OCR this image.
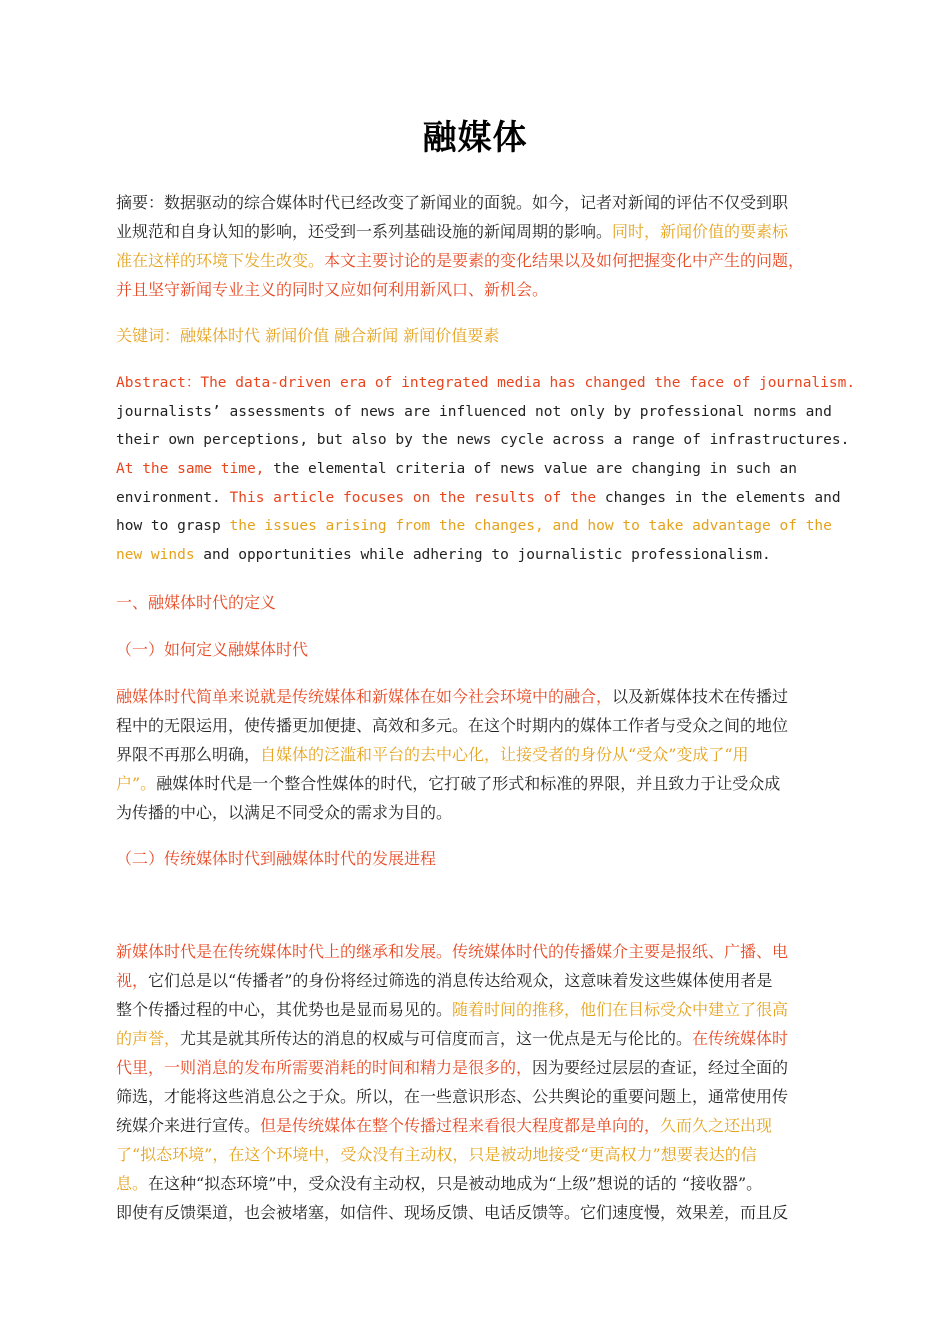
融媒体
摘要：数据驱动的综合媒体时代已经改变了新闻业的面貌。如今，记者对新闻的评估不仅受到职
业规范和自身认知的影响，还受到一系列基础设施的新闻周期的影响。同时，新闻价值的要素标
准在这样的环境下发生改变。本文主要讨论的是要素的变化结果以及如何把握变化中产生的问题，
并且坚守新闻专业主义的同时又应如何利用新风口、新机会。
关键词：融媒体时代 新闻价值 融合新闻 新闻价值要素
Abstract：The data-driven era of integrated media has changed the face of journalism.
journalists’ assessments of news are influenced not only by professional norms and
their own perceptions, but also by the news cycle across a range of infrastructures.
At the same time, the elemental criteria of news value are changing in such an
environment. This article focuses on the results of the changes in the elements and
how to grasp the issues arising from the changes, and how to take advantage of the
new winds and opportunities while adhering to journalistic professionalism.
一、融媒体时代的定义
（一）如何定义融媒体时代
融媒体时代简单来说就是传统媒体和新媒体在如今社会环境中的融合，以及新媒体技术在传播过
程中的无限运用，使传播更加便捷、高效和多元。在这个时期内的媒体工作者与受众之间的地位
界限不再那么明确，自媒体的泛滥和平台的去中心化，让接受者的身份从“受众”变成了“用
户”。融媒体时代是一个整合性媒体的时代，它打破了形式和标准的界限，并且致力于让受众成
为传播的中心，以满足不同受众的需求为目的。
（二）传统媒体时代到融媒体时代的发展进程
新媒体时代是在传统媒体时代上的继承和发展。传统媒体时代的传播媒介主要是报纸、广播、电
视，它们总是以“传播者”的身份将经过筛选的消息传达给观众，这意味着发这些媒体使用者是
整个传播过程的中心，其优势也是显而易见的。随着时间的推移，他们在目标受众中建立了很高
的声誉，尤其是就其所传达的消息的权威与可信度而言，这一优点是无与伦比的。在传统媒体时
代里，一则消息的发布所需要消耗的时间和精力是很多的，因为要经过层层的查证，经过全面的
筛选，才能将这些消息公之于众。所以，在一些意识形态、公共舆论的重要问题上，通常使用传
统媒介来进行宣传。但是传统媒体在整个传播过程来看很大程度都是单向的，久而久之还出现
了“拟态环境”，在这个环境中，受众没有主动权，只是被动地接受“更高权力”想要表达的信
息。在这种“拟态环境”中，受众没有主动权，只是被动地成为“上级”想说的话的 “接收器”。
即使有反馈渠道，也会被堵塞，如信件、现场反馈、电话反馈等。它们速度慢，效果差，而且反
